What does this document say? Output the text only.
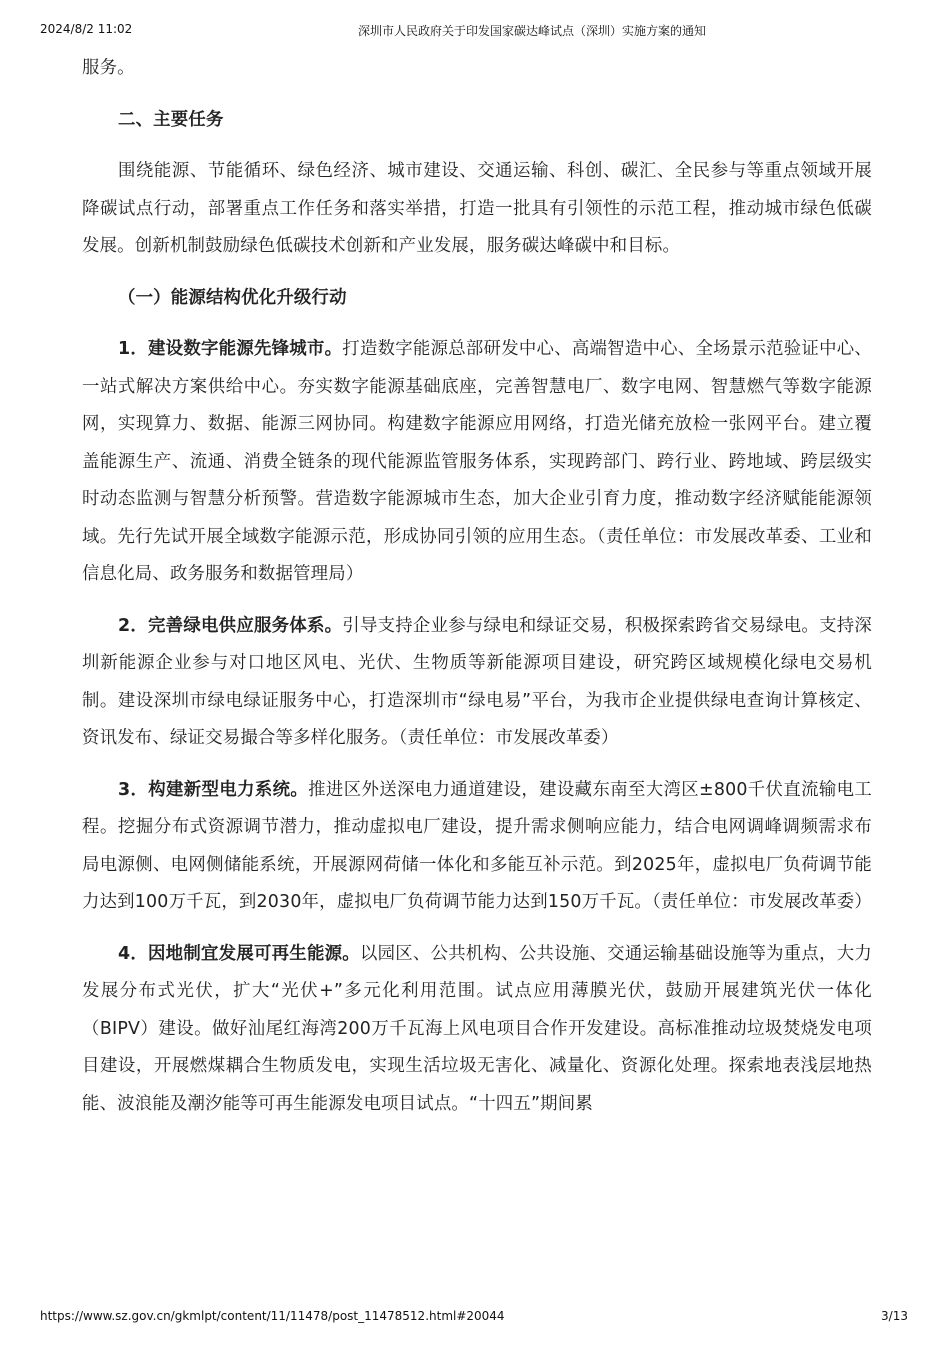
2024/8/2 11:02	深圳市人民政府关于印发国家碳达峰试点（深圳）实施方案的通知

服务。

二、主要任务

围绕能源、节能循环、绿色经济、城市建设、交通运输、科创、碳汇、全民参与等重点领域开展降碳试点行动，部署重点工作任务和落实举措，打造一批具有引领性的示范工程，推动城市绿色低碳发展。创新机制鼓励绿色低碳技术创新和产业发展，服务碳达峰碳中和目标。

（一）能源结构优化升级行动

1．建设数字能源先锋城市。打造数字能源总部研发中心、高端智造中心、全场景示范验证中心、一站式解决方案供给中心。夯实数字能源基础底座，完善智慧电厂、数字电网、智慧燃气等数字能源网，实现算力、数据、能源三网协同。构建数字能源应用网络，打造光储充放检一张网平台。建立覆盖能源生产、流通、消费全链条的现代能源监管服务体系，实现跨部门、跨行业、跨地域、跨层级实时动态监测与智慧分析预警。营造数字能源城市生态，加大企业引育力度，推动数字经济赋能能源领域。先行先试开展全域数字能源示范，形成协同引领的应用生态。（责任单位：市发展改革委、工业和信息化局、政务服务和数据管理局）

2．完善绿电供应服务体系。引导支持企业参与绿电和绿证交易，积极探索跨省交易绿电。支持深圳新能源企业参与对口地区风电、光伏、生物质等新能源项目建设，研究跨区域规模化绿电交易机制。建设深圳市绿电绿证服务中心，打造深圳市“绿电易”平台，为我市企业提供绿电查询计算核定、资讯发布、绿证交易撮合等多样化服务。（责任单位：市发展改革委）

3．构建新型电力系统。推进区外送深电力通道建设，建设藏东南至大湾区±800千伏直流输电工程。挖掘分布式资源调节潜力，推动虚拟电厂建设，提升需求侧响应能力，结合电网调峰调频需求布局电源侧、电网侧储能系统，开展源网荷储一体化和多能互补示范。到2025年，虚拟电厂负荷调节能力达到100万千瓦，到2030年，虚拟电厂负荷调节能力达到150万千瓦。（责任单位：市发展改革委）

4．因地制宜发展可再生能源。以园区、公共机构、公共设施、交通运输基础设施等为重点，大力发展分布式光伏，扩大“光伏+”多元化利用范围。试点应用薄膜光伏，鼓励开展建筑光伏一体化（BIPV）建设。做好汕尾红海湾200万千瓦海上风电项目合作开发建设。高标准推动垃圾焚烧发电项目建设，开展燃煤耦合生物质发电，实现生活垃圾无害化、减量化、资源化处理。探索地表浅层地热能、波浪能及潮汐能等可再生能源发电项目试点。“十四五”期间累

https://www.sz.gov.cn/gkmlpt/content/11/11478/post_11478512.html#20044	3/13
